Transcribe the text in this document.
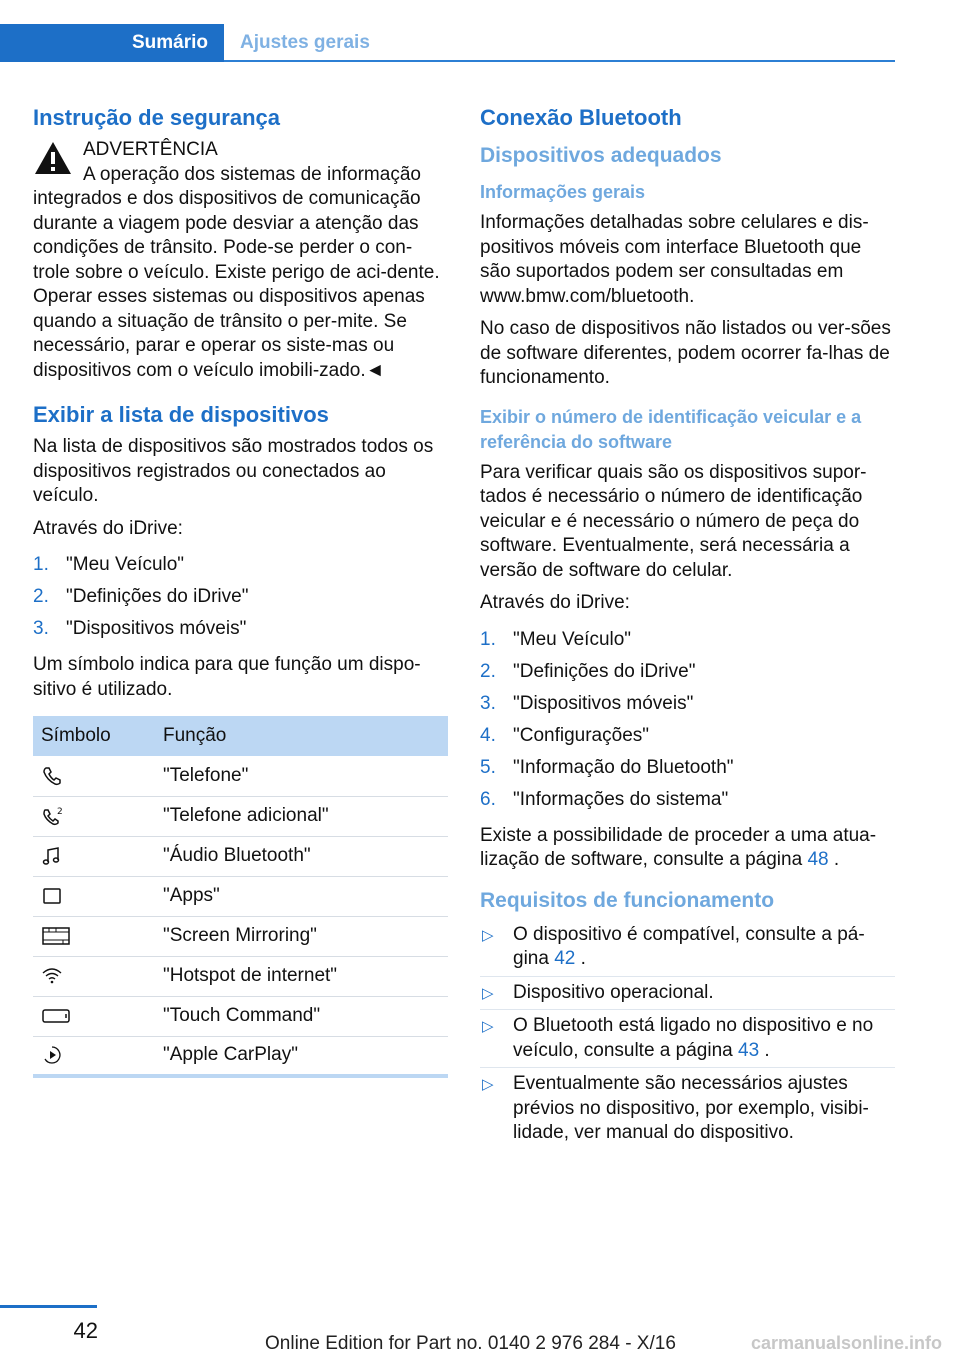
Sumário	Ajustes gerais
Instrução de segurança
ADVERTÊNCIA
A operação dos sistemas de informação
integrados e dos dispositivos de comunicação durante a viagem pode desviar a atenção das condições de trânsito. Pode-se perder o con-trole sobre o veículo. Existe perigo de aci-dente. Operar esses sistemas ou dispositivos apenas quando a situação de trânsito o per-mite. Se necessário, parar e operar os siste-mas ou dispositivos com o veículo imobili-zado.◄
Exibir a lista de dispositivos

Na lista de dispositivos são mostrados todos os dispositivos registrados ou conectados ao veículo.

Através do iDrive:

1. "Meu Veículo"
2. "Definições do iDrive"
3. "Dispositivos móveis"

Um símbolo indica para que função um dispo-sitivo é utilizado.

Símbolo	Função

	"Telefone"

2	"Telefone adicional"

	"Áudio Bluetooth"

	"Apps"

	"Screen Mirroring"

	"Hotspot de internet"

	"Touch Command"

	"Apple CarPlay"
Conexão Bluetooth
Dispositivos adequados
Informações gerais

Informações detalhadas sobre celulares e dis-positivos móveis com interface Bluetooth que são suportados podem ser consultadas em www.bmw.com/bluetooth.

No caso de dispositivos não listados ou ver-sões de software diferentes, podem ocorrer fa-lhas de funcionamento.

Exibir o número de identificação veicular e a referência do software

Para verificar quais são os dispositivos supor-tados é necessário o número de identificação veicular e é necessário o número de peça do software. Eventualmente, será necessária a versão de software do celular.

Através do iDrive:

1. "Meu Veículo"
2. "Definições do iDrive"
3. "Dispositivos móveis"
4. "Configurações"
5. "Informação do Bluetooth"
6. "Informações do sistema"

Existe a possibilidade de proceder a uma atua-lização de software, consulte a página 48 .

Requisitos de funcionamento
▷ O dispositivo é compatível, consulte a pá-gina 42 .
▷ Dispositivo operacional.
▷ O Bluetooth está ligado no dispositivo e no veículo, consulte a página 43 .
▷ Eventualmente são necessários ajustes prévios no dispositivo, por exemplo, visibi-lidade, ver manual do dispositivo.
42
Online Edition for Part no. 0140 2 976 284 - X/16	carmanualsonline.info
